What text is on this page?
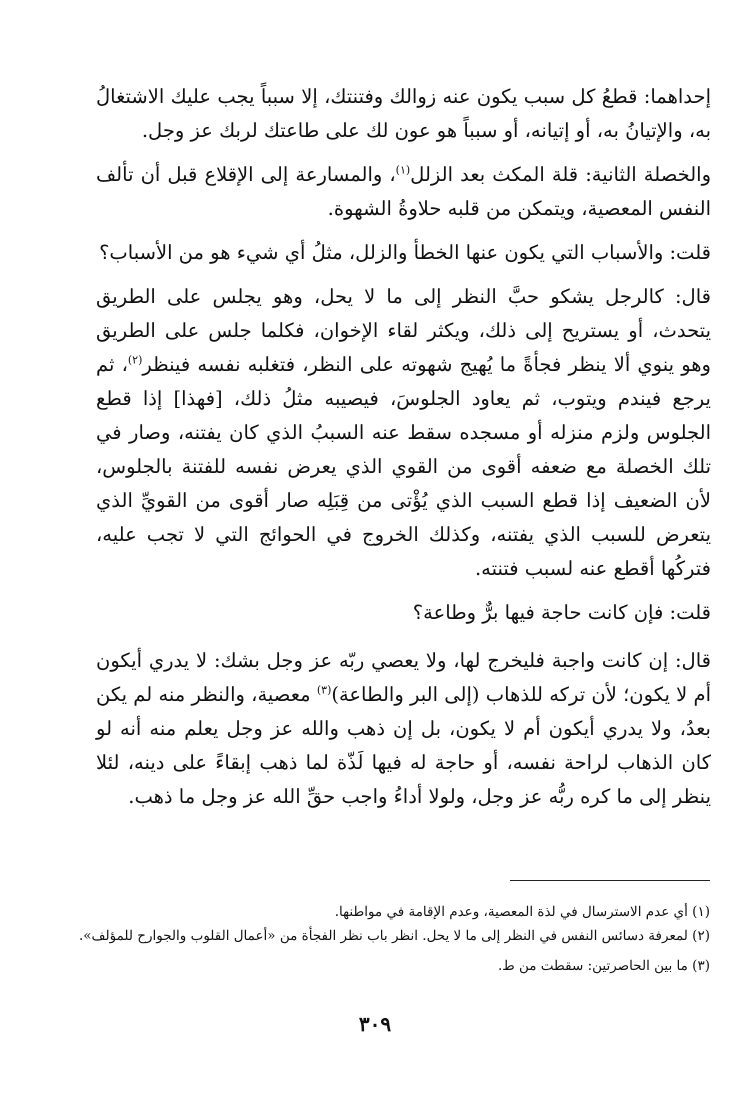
إحداهما: قطعُ كل سبب يكون عنه زوالك وفتنتك، إلا سبباً يجب عليك الاشتغالُ به، والإتيانُ به، أو إتيانه، أو سبباً هو عون لك على طاعتك لربك عز وجل.

والخصلة الثانية: قلة المكث بعد الزلل$^{(١)}$، والمسارعة إلى الإقلاع قبل أن تألف النفس المعصية، ويتمكن من قلبه حلاوةُ الشهوة.

قلت: والأسباب التي يكون عنها الخطأ والزلل، مثلُ أي شيء هو من الأسباب؟

قال: كالرجل يشكو حبَّ النظر إلى ما لا يحل، وهو يجلس على الطريق يتحدث، أو يستريح إلى ذلك، ويكثر لقاء الإخوان، فكلما جلس على الطريق وهو ينوي ألا ينظر فجأةً ما يُهيج شهوته على النظر، فتغلبه نفسه فينظر$^{(٢)}$، ثم يرجع فيندم ويتوب، ثم يعاود الجلوسَ، فيصيبه مثلُ ذلك، [فهذا] إذا قطع الجلوس ولزم منزله أو مسجده سقط عنه السببُ الذي كان يفتنه، وصار في تلك الخصلة مع ضعفه أقوى من القوي الذي يعرض نفسه للفتنة بالجلوس، لأن الضعيف إذا قطع السبب الذي يُؤْتى من قِبَلِه صار أقوى من القويِّ الذي يتعرض للسبب الذي يفتنه، وكذلك الخروج في الحوائج التي لا تجب عليه، فتركُها أقطع عنه لسبب فتنته.

قلت: فإن كانت حاجة فيها برٌّ وطاعة؟

قال: إن كانت واجبة فليخرج لها، ولا يعصي ربّه عز وجل بشك: لا يدري أيكون أم لا يكون؛ لأن تركه للذهاب (إلى البر والطاعة)$^{(٣)}$ معصية، والنظر منه لم يكن بعدُ، ولا يدري أيكون أم لا يكون، بل إن ذهب والله عز وجل يعلم منه أنه لو كان الذهاب لراحة نفسه، أو حاجة له فيها لَذّة لما ذهب إبقاءً على دينه، لئلا ينظر إلى ما كره ربُّه عز وجل، ولولا أداءُ واجب حقِّ الله عز وجل ما ذهب.

(١) أي عدم الاسترسال في لذة المعصية، وعدم الإقامة في مواطنها.

(٢) لمعرفة دسائس النفس في النظر إلى ما لا يحل. انظر باب نظر الفجأة من «أعمال القلوب والجوارح للمؤلف».

(٣) ما بين الحاصرتين: سقطت من ط.

٣٠٩
